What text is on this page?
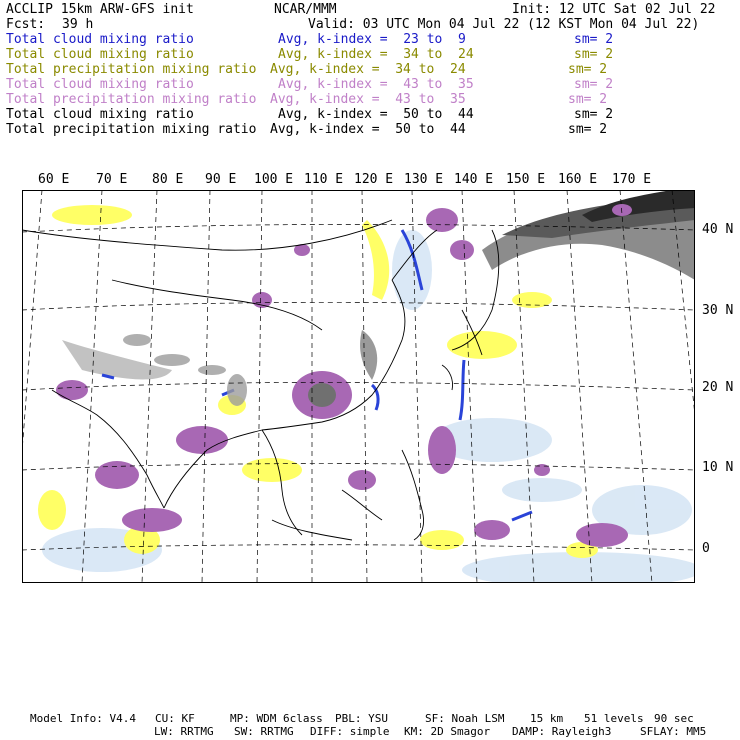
ACCLIP 15km ARW-GFS init	NCAR/MMM	Init: 12 UTC Sat 02 Jul 22
Fcst: 39 h	Valid: 03 UTC Mon 04 Jul 22 (12 KST Mon 04 Jul 22)
Total cloud mixing ratio	Avg, k-index =  23 to  9	sm= 2
Total cloud mixing ratio	Avg, k-index =  34 to  24	sm= 2
Total precipitation mixing ratio Avg, k-index =  34 to  24	sm= 2
Total cloud mixing ratio	Avg, k-index =  43 to  35	sm= 2
Total precipitation mixing ratio Avg, k-index =  43 to  35	sm= 2
Total cloud mixing ratio	Avg, k-index =  50 to  44	sm= 2
Total precipitation mixing ratio Avg, k-index =  50 to  44	sm= 2
60 E 70 E 80 E 90 E 100 E 110 E 120 E 130 E 140 E 150 E 160 E 170 E
40 N
30 N
20 N
10 N
0
Model Info: V4.4 CU: KF	MP: WDM 6class PBL: YSU	SF: Noah LSM 15 km 51 levels 90 sec
LW: RRTMG SW: RRTMG DIFF: simple KM: 2D Smagor DAMP: Rayleigh3	SFLAY: MM5
